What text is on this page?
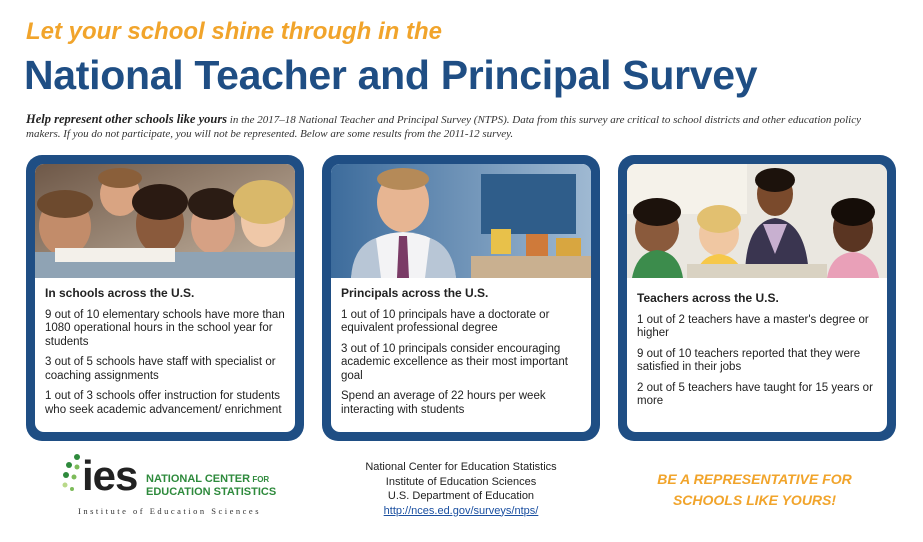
Let your school shine through in the
National Teacher and Principal Survey
Help represent other schools like yours in the 2017–18 National Teacher and Principal Survey (NTPS). Data from this survey are critical to school districts and other education policy makers. If you do not participate, you will not be represented. Below are some results from the 2011-12 survey.
In schools across the U.S.
9 out of 10 elementary schools have more than 1080 operational hours in the school year for students
3 out of 5 schools have staff with specialist or coaching assignments
1 out of 3 schools offer instruction for students who seek academic advancement/ enrichment
Principals across the U.S.
1 out of 10 principals have a doctorate or equivalent professional degree
3 out of 10 principals consider encouraging academic excellence as their most important goal
Spend an average of 22 hours per week interacting with students
Teachers across the U.S.
1 out of 2 teachers have a master's degree or higher
9 out of 10 teachers reported that they were satisfied in their jobs
2 out of 5 teachers have taught for 15 years or more
ies NATIONAL CENTER FOR
EDUCATION STATISTICS
Institute of Education Sciences
National Center for Education Statistics
Institute of Education Sciences
U.S. Department of Education
http://nces.ed.gov/surveys/ntps/
BE A REPRESENTATIVE FOR
SCHOOLS LIKE YOURS!
